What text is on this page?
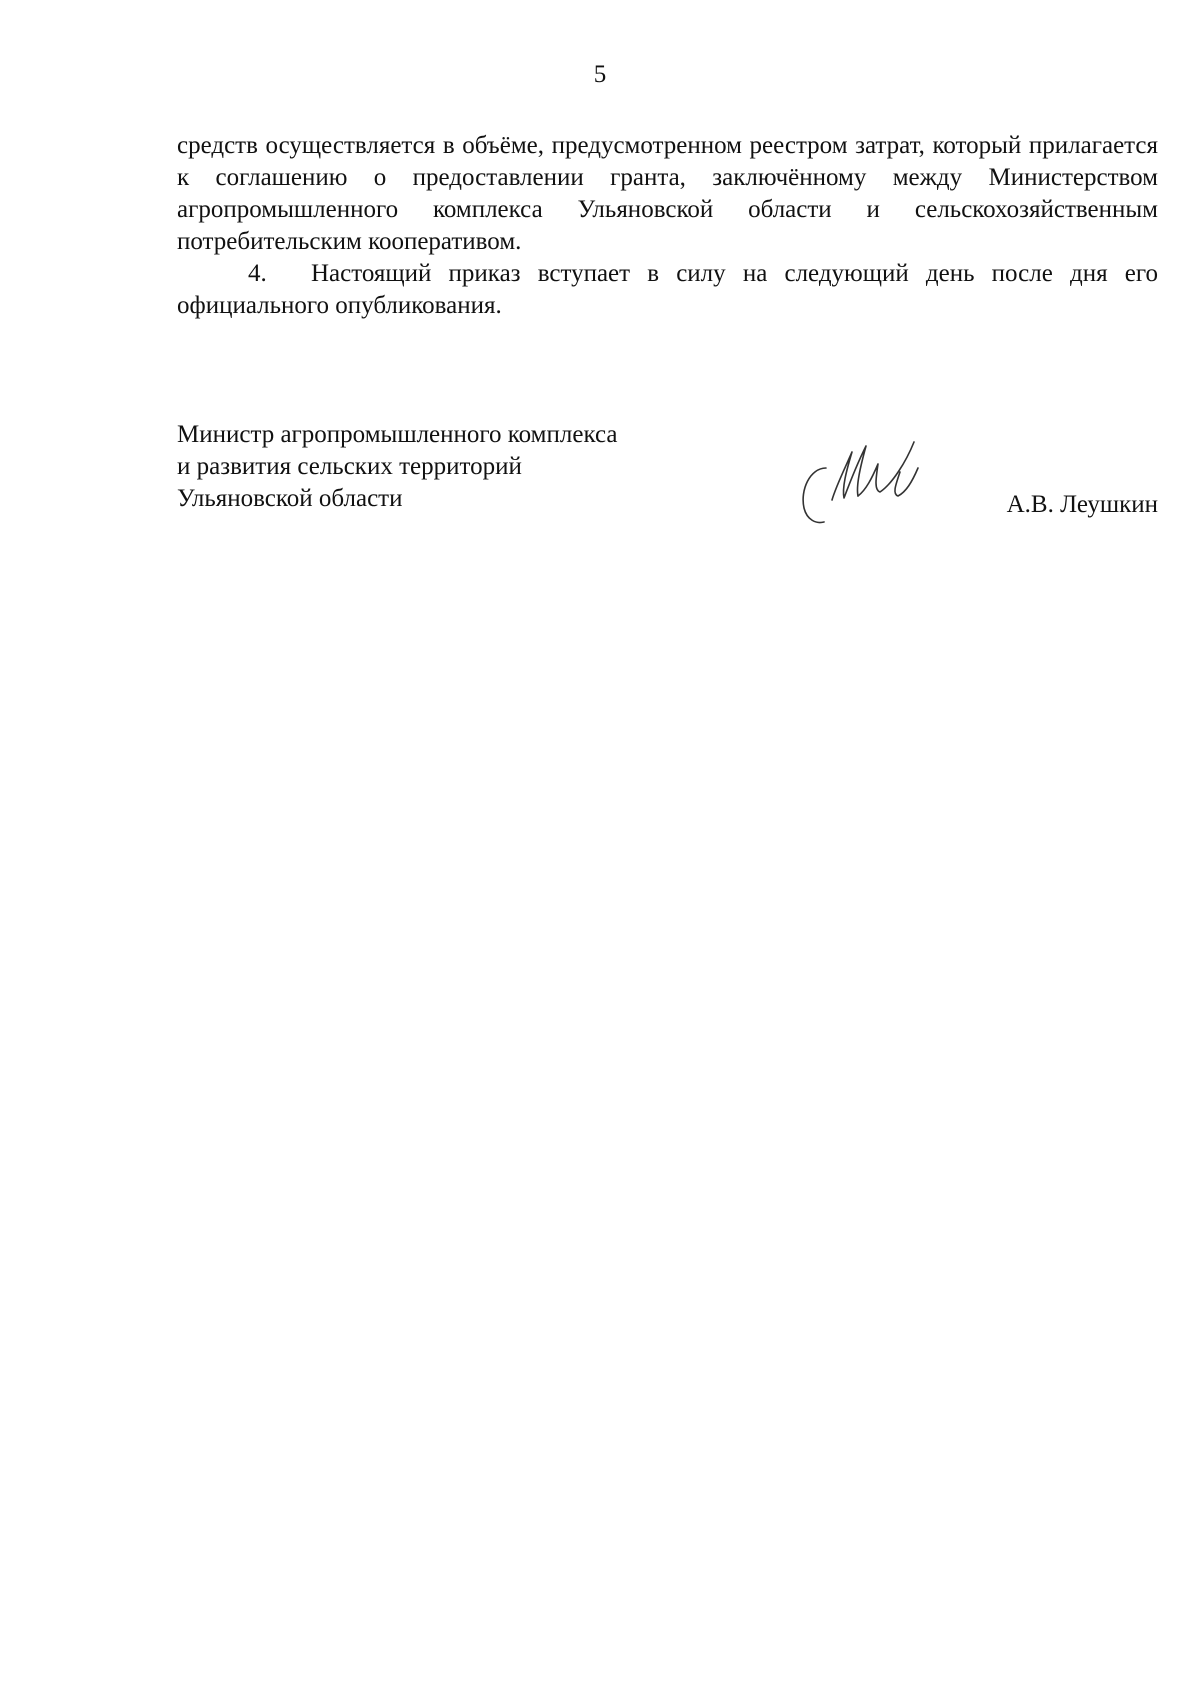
5
средств осуществляется в объёме, предусмотренном реестром затрат, который прилагается к соглашению о предоставлении гранта, заключённому между Министерством агропромышленного комплекса Ульяновской области и сельскохозяйственным потребительским кооперативом.
4. Настоящий приказ вступает в силу на следующий день после дня его официального опубликования.
Министр агропромышленного комплекса
и развития сельских территорий
Ульяновской области	А.В. Леушкин
